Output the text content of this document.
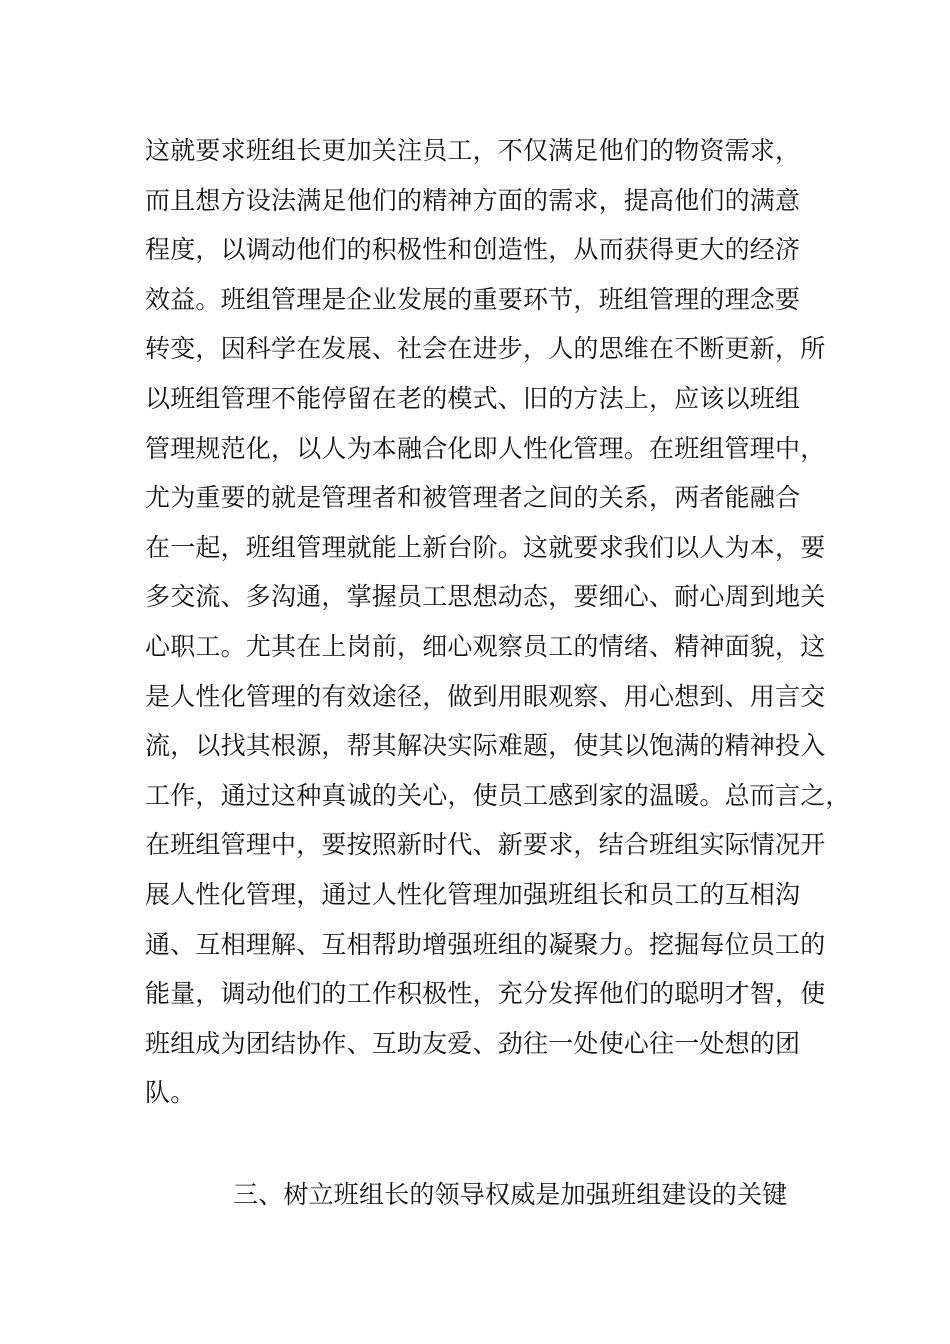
这就要求班组长更加关注员工，不仅满足他们的物资需求，
而且想方设法满足他们的精神方面的需求，提高他们的满意
程度，以调动他们的积极性和创造性，从而获得更大的经济
效益。班组管理是企业发展的重要环节，班组管理的理念要
转变，因科学在发展、社会在进步，人的思维在不断更新，所
以班组管理不能停留在老的模式、旧的方法上，应该以班组
管理规范化，以人为本融合化即人性化管理。在班组管理中，
尤为重要的就是管理者和被管理者之间的关系，两者能融合
在一起，班组管理就能上新台阶。这就要求我们以人为本，要
多交流、多沟通，掌握员工思想动态，要细心、耐心周到地关
心职工。尤其在上岗前，细心观察员工的情绪、精神面貌，这
是人性化管理的有效途径，做到用眼观察、用心想到、用言交
流，以找其根源，帮其解决实际难题，使其以饱满的精神投入
工作，通过这种真诚的关心，使员工感到家的温暖。总而言之，
在班组管理中，要按照新时代、新要求，结合班组实际情况开
展人性化管理，通过人性化管理加强班组长和员工的互相沟
通、互相理解、互相帮助增强班组的凝聚力。挖掘每位员工的
能量，调动他们的工作积极性，充分发挥他们的聪明才智，使
班组成为团结协作、互助友爱、劲往一处使心往一处想的团
队。
三、树立班组长的领导权威是加强班组建设的关键
